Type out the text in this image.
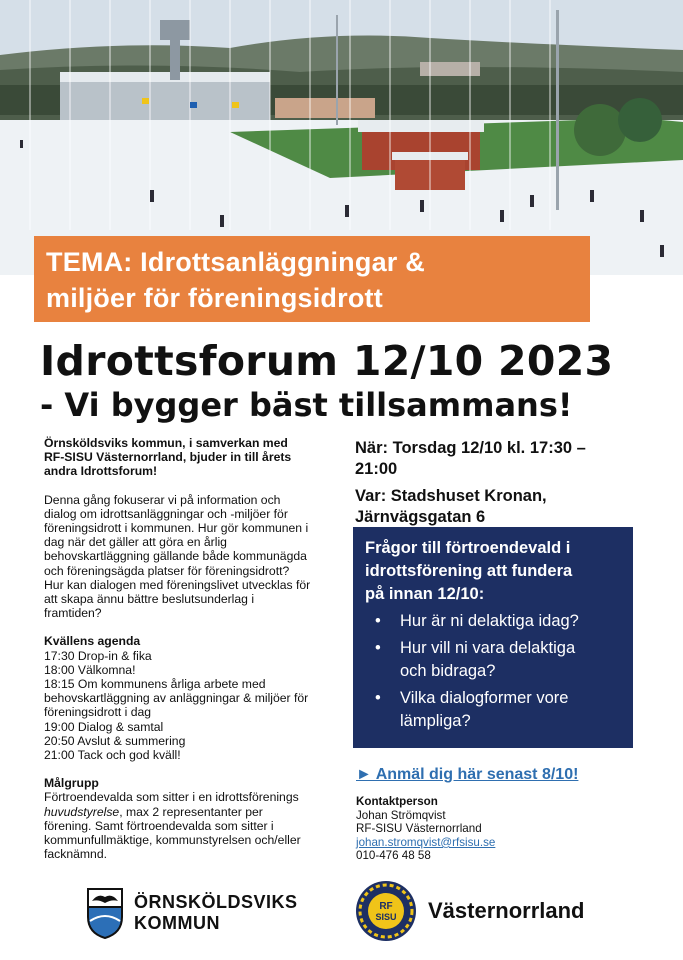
TEMA: Idrottsanläggningar &
miljöer för föreningsidrott
Idrottsforum 12/10 2023
- Vi bygger bäst tillsammans!

Örnsköldsviks kommun, i samverkan med
RF-SISU Västernorrland, bjuder in till årets
andra Idrottsforum!

Denna gång fokuserar vi på information och
dialog om idrottsanläggningar och -miljöer för
föreningsidrott i kommunen. Hur gör kommunen i
dag när det gäller att göra en årlig
behovskartläggning gällande både kommunägda
och föreningsägda platser för föreningsidrott?
Hur kan dialogen med föreningslivet utvecklas för
att skapa ännu bättre beslutsunderlag i
framtiden?

Kvällens agenda
17:30 Drop-in & fika
18:00 Välkomna!
18:15 Om kommunens årliga arbete med
behovskartläggning av anläggningar & miljöer för
föreningsidrott i dag
19:00 Dialog & samtal
20:50 Avslut & summering
21:00 Tack och god kväll!

Målgrupp
Förtroendevalda som sitter i en idrottsförenings
huvudstyrelse, max 2 representanter per
förening. Samt förtroendevalda som sitter i
kommunfullmäktige, kommunstyrelsen och/eller
facknämnd.

När: Torsdag 12/10 kl. 17:30 –
21:00
Var: Stadshuset Kronan,
Järnvägsgatan 6
Frågor till förtroendevald i
idrottsförening att fundera
på innan 12/10:
• Hur är ni delaktiga idag?
• Hur vill ni vara delaktiga
och bidraga?
• Vilka dialogformer vore
lämpliga?
► Anmäl dig här senast 8/10!
Kontaktperson
Johan Strömqvist
RF-SISU Västernorrland
johan.stromqvist@rfsisu.se
010-476 48 58
ÖRNSKÖLDSVIKS
KOMMUN
RF
SISU Västernorrland
